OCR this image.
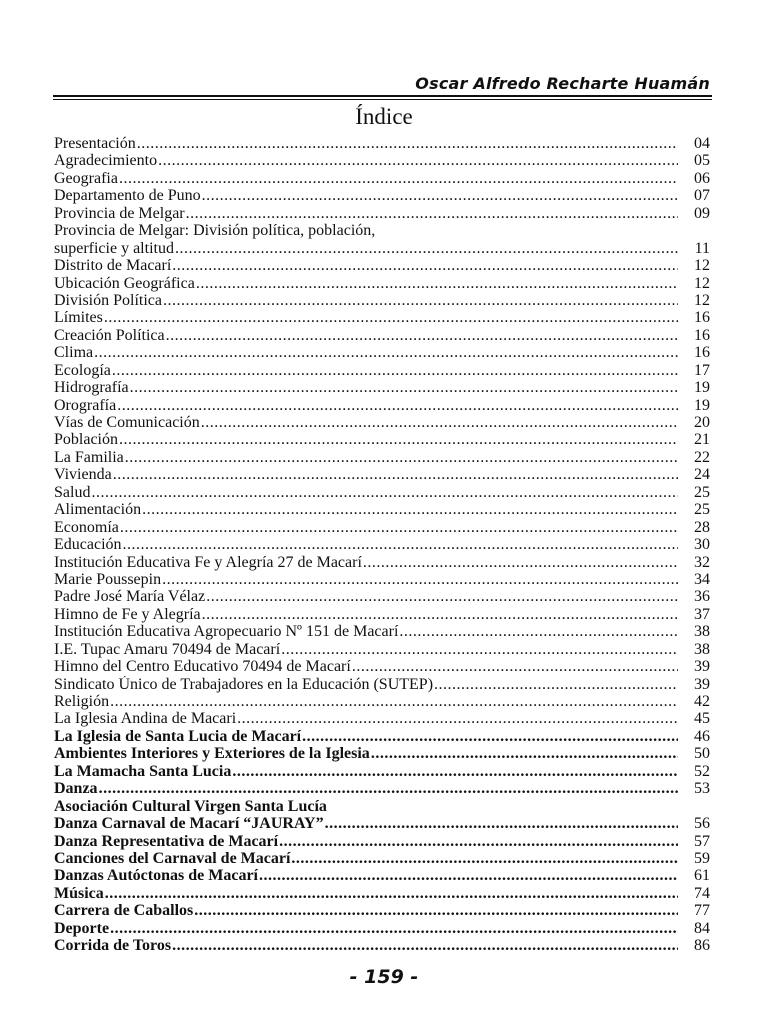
Oscar Alfredo Recharte Huamán
Índice
Presentación .....	04
Agradecimiento .....	05
Geografia .....	06
Departamento de Puno .....	07
Provincia de Melgar .....	09
Provincia de Melgar: División política, población,
superficie y altitud .....	11
Distrito de Macarí .....	12
Ubicación Geográfica .....	12
División Política .....	12
Límites .....	16
Creación Política .....	16
Clima .....	16
Ecología .....	17
Hidrografía .....	19
Orografía .....	19
Vías de Comunicación .....	20
Población .....	21
La Familia .....	22
Vivienda .....	24
Salud .....	25
Alimentación .....	25
Economía .....	28
Educación .....	30
Institución Educativa Fe y Alegría 27 de Macarí .....	32
Marie Poussepin .....	34
Padre José María Vélaz .....	36
Himno de Fe y Alegría .....	37
Institución Educativa Agropecuario Nº 151 de Macarí .....	38
I.E. Tupac Amaru 70494 de Macarí .....	38
Himno del Centro Educativo 70494 de Macarí .....	39
Sindicato Único de Trabajadores en la Educación (SUTEP) .....	39
Religión .....	42
La Iglesia Andina de Macari .....	45
La Iglesia de Santa Lucia de Macarí .....	46
Ambientes Interiores y Exteriores de la Iglesia .....	50
La Mamacha Santa Lucia .....	52
Danza .....	53
Asociación Cultural Virgen Santa Lucía
Danza Carnaval de Macarí “JAURAY” .....	56
Danza Representativa de Macarí .....	57
Canciones del Carnaval de Macarí .....	59
Danzas Autóctonas de Macarí .....	61
Música .....	74
Carrera de Caballos .....	77
Deporte .....	84
Corrida de Toros .....	86
- 159 -
